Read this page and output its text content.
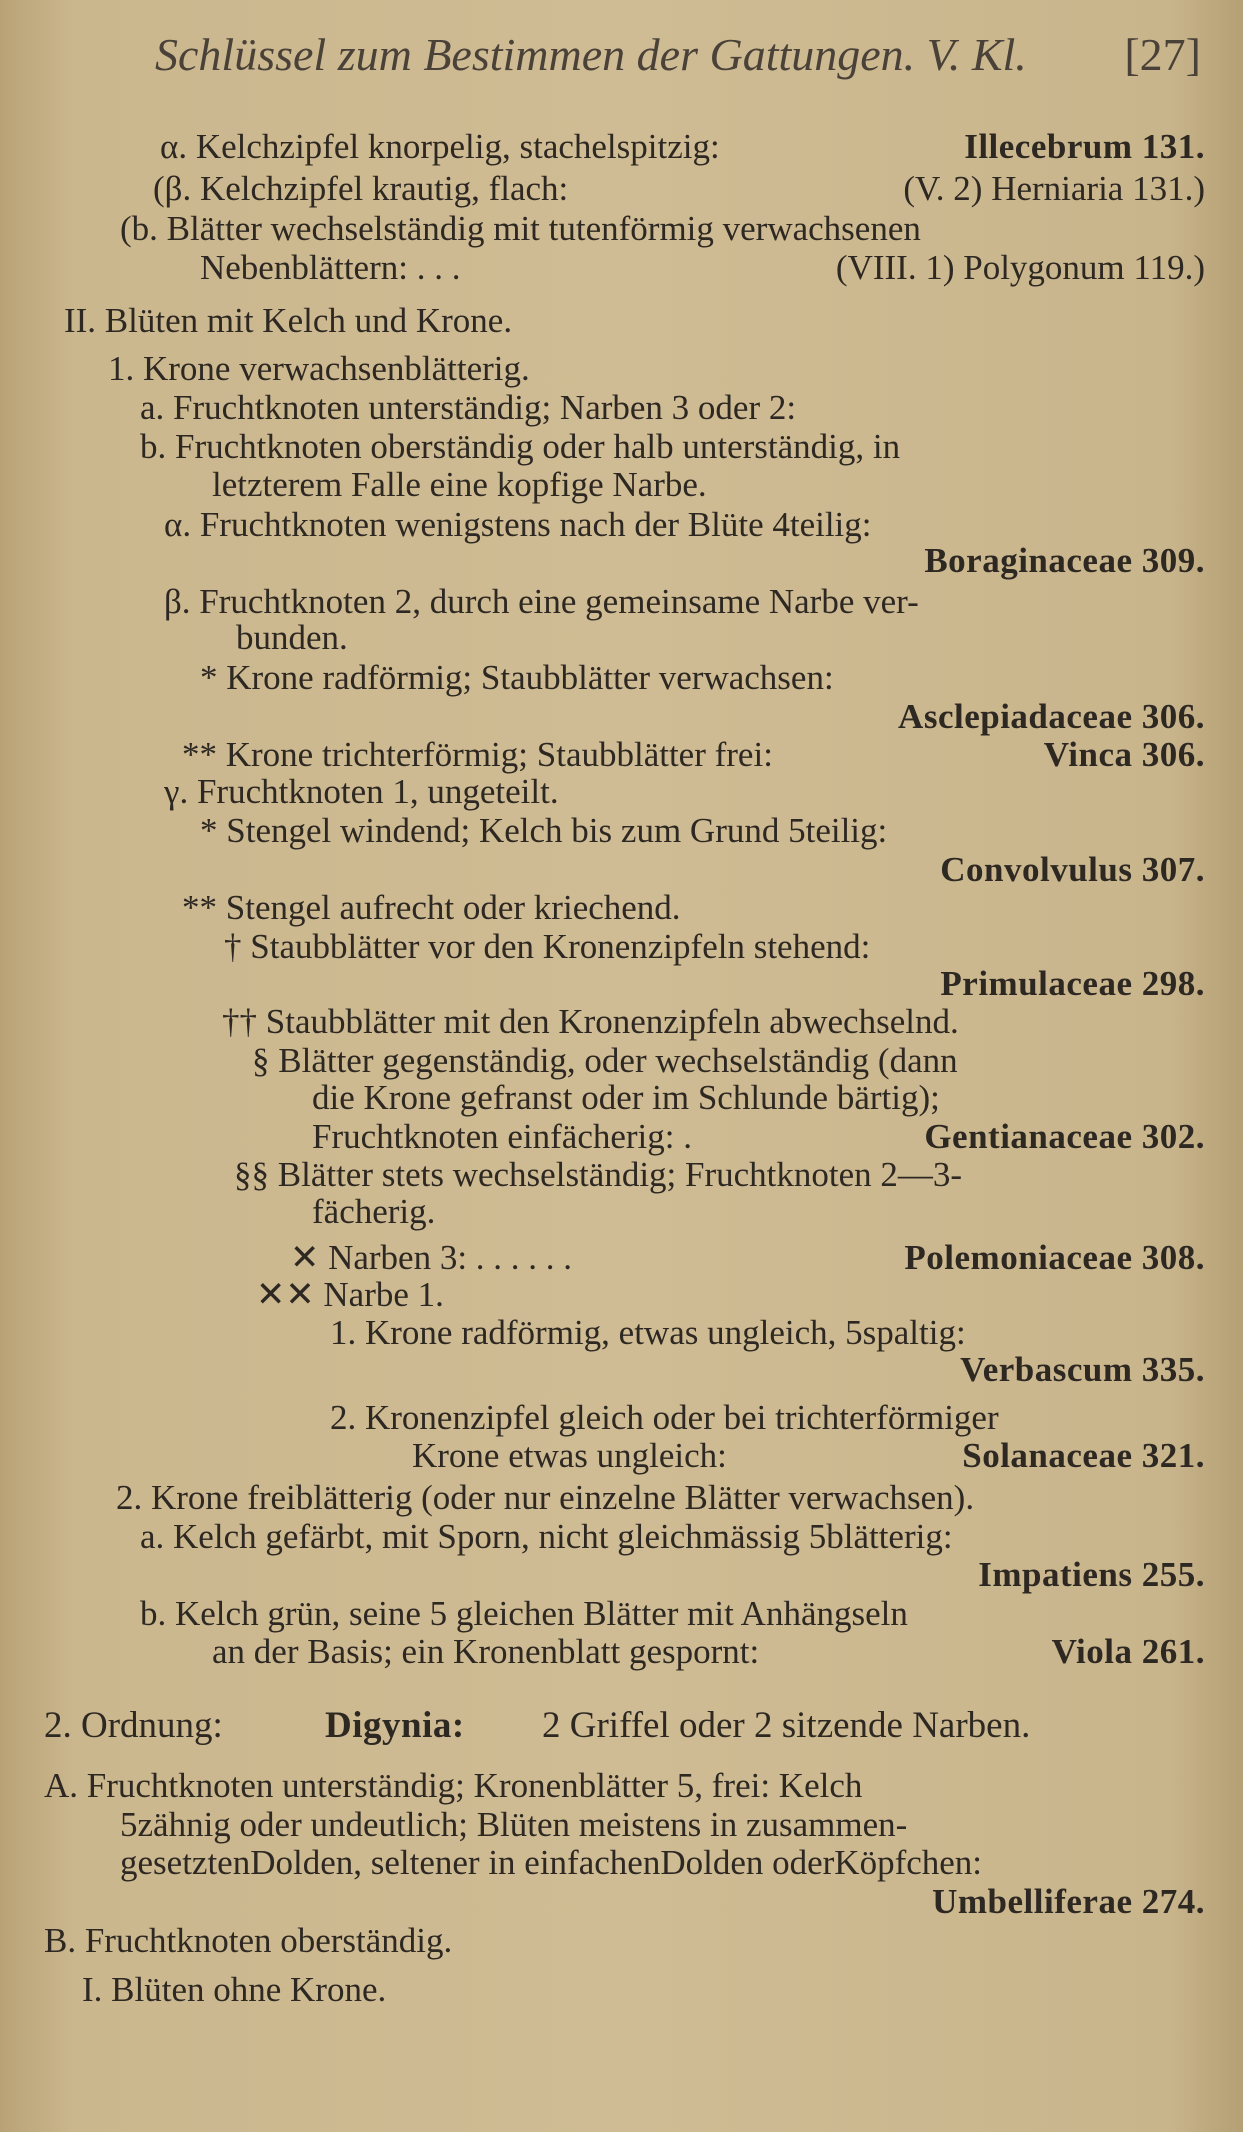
Schlüssel zum Bestimmen der Gattungen. V. Kl. [27]
α. Kelchzipfel knorpelig, stachelspitzig:	Illecebrum 131.
(β. Kelchzipfel krautig, flach:	(V. 2) Herniaria 131.)
(b. Blätter wechselständig mit tutenförmig verwachsenen
Nebenblättern: . . .	(VIII. 1) Polygonum 119.)
II. Blüten mit Kelch und Krone.
1. Krone verwachsenblätterig.
a. Fruchtknoten unterständig; Narben 3 oder 2:
b. Fruchtknoten oberständig oder halb unterständig, in
letzterem Falle eine kopfige Narbe.
α. Fruchtknoten wenigstens nach der Blüte 4teilig:
Boraginaceae 309.
β. Fruchtknoten 2, durch eine gemeinsame Narbe ver-
bunden.
* Krone radförmig; Staubblätter verwachsen:
Asclepiadaceae 306.
** Krone trichterförmig; Staubblätter frei:	Vinca 306.
γ. Fruchtknoten 1, ungeteilt.
* Stengel windend; Kelch bis zum Grund 5teilig:
Convolvulus 307.
** Stengel aufrecht oder kriechend.
† Staubblätter vor den Kronenzipfeln stehend:
Primulaceae 298.
†† Staubblätter mit den Kronenzipfeln abwechselnd.
§ Blätter gegenständig, oder wechselständig (dann
die Krone gefranst oder im Schlunde bärtig);
Fruchtknoten einfächerig: .	Gentianaceae 302.
§§ Blätter stets wechselständig; Fruchtknoten 2—3-
fächerig.
✕ Narben 3: . . . . . .	Polemoniaceae 308.
✕✕ Narbe 1.
1. Krone radförmig, etwas ungleich, 5spaltig:
Verbascum 335.
2. Kronenzipfel gleich oder bei trichterförmiger
Krone etwas ungleich:	Solanaceae 321.
2. Krone freiblätterig (oder nur einzelne Blätter verwachsen).
a. Kelch gefärbt, mit Sporn, nicht gleichmässig 5blätterig:
Impatiens 255.
b. Kelch grün, seine 5 gleichen Blätter mit Anhängseln
an der Basis; ein Kronenblatt gespornt:	Viola 261.
2. Ordnung:	Digynia: 2 Griffel oder 2 sitzende Narben.
A. Fruchtknoten unterständig; Kronenblätter 5, frei: Kelch
5zähnig oder undeutlich; Blüten meistens in zusammen-
gesetztenDolden, seltener in einfachenDolden oderKöpfchen:
Umbelliferae 274.
B. Fruchtknoten oberständig.
I. Blüten ohne Krone.
